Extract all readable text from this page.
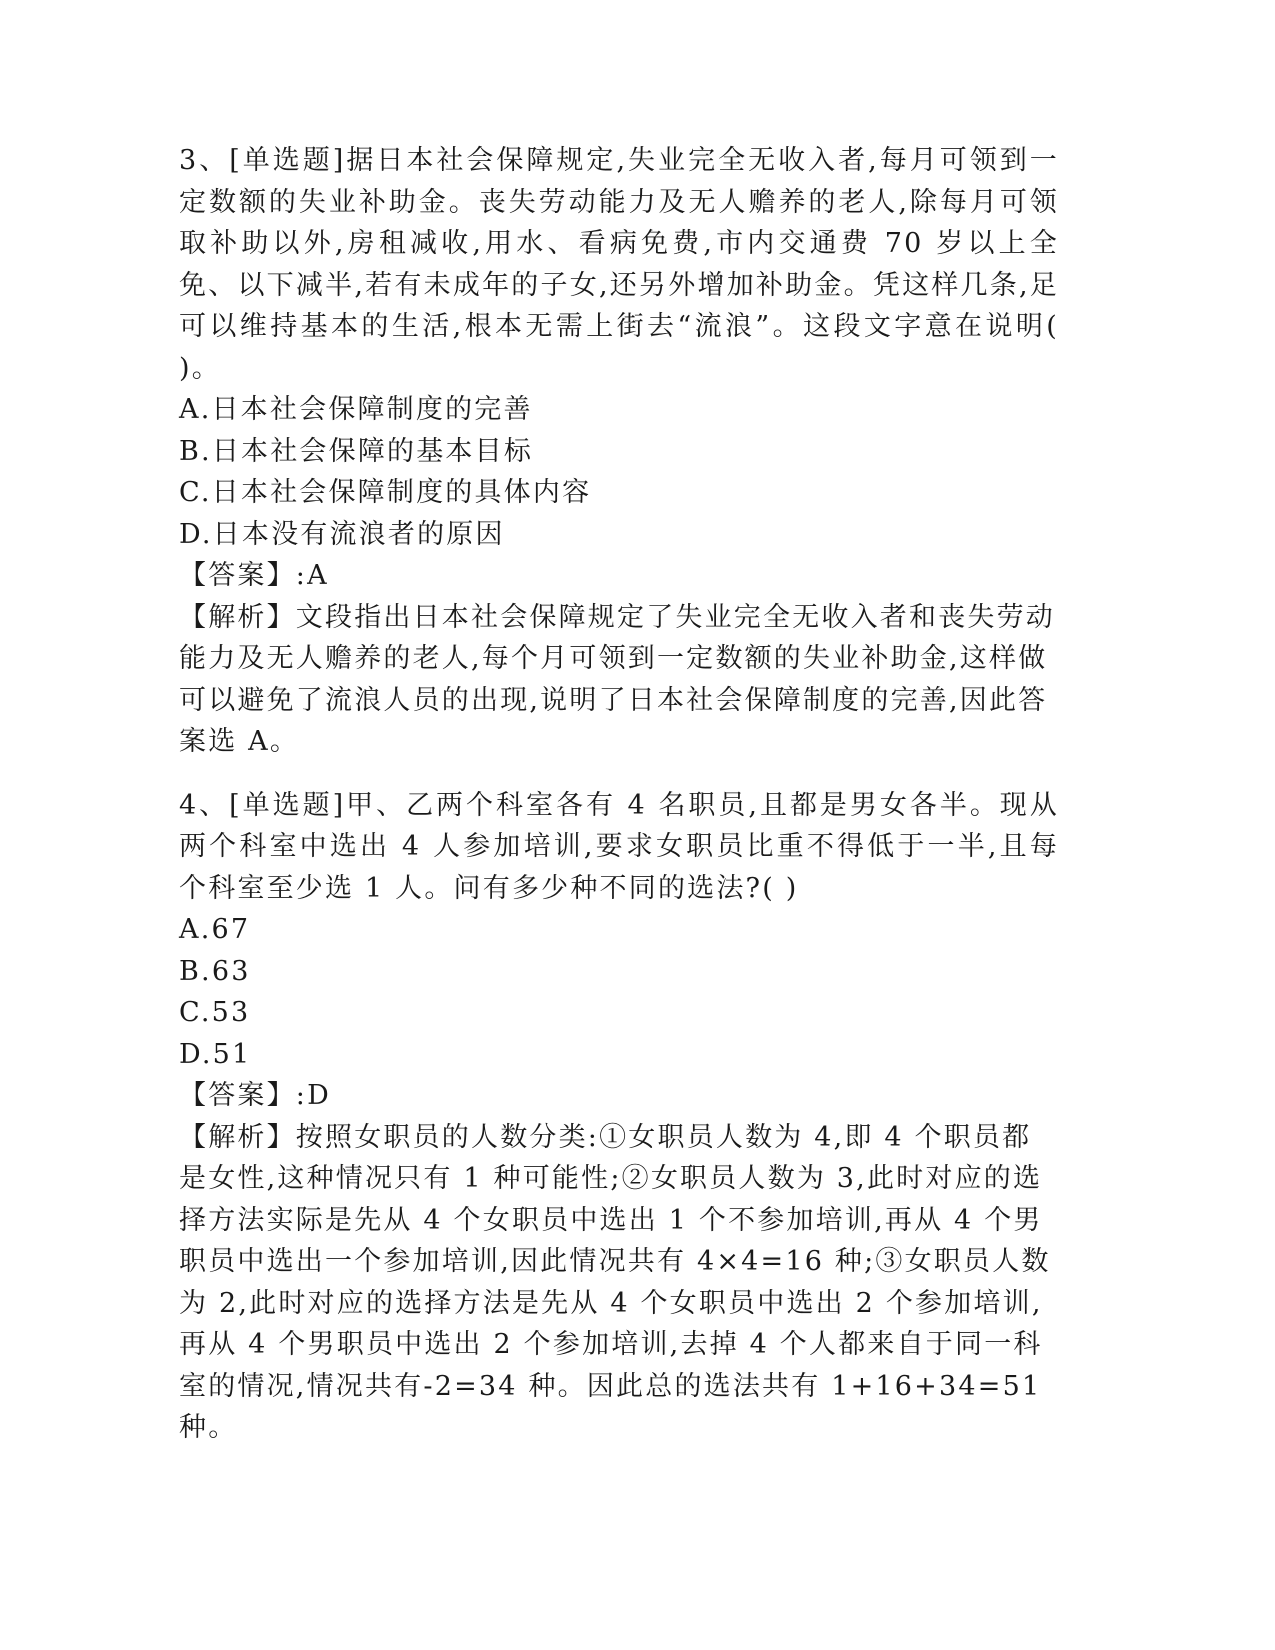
3、[单选题]据日本社会保障规定,失业完全无收入者,每月可领到一定数额的失业补助金。丧失劳动能力及无人赡养的老人,除每月可领取补助以外,房租减收,用水、看病免费,市内交通费 70 岁以上全免、以下减半,若有未成年的子女,还另外增加补助金。凭这样几条,足可以维持基本的生活,根本无需上街去“流浪”。这段文字意在说明( )。

A.日本社会保障制度的完善

B.日本社会保障的基本目标

C.日本社会保障制度的具体内容

D.日本没有流浪者的原因

【答案】:A

【解析】文段指出日本社会保障规定了失业完全无收入者和丧失劳动能力及无人赡养的老人,每个月可领到一定数额的失业补助金,这样做可以避免了流浪人员的出现,说明了日本社会保障制度的完善,因此答案选 A。

4、[单选题]甲、乙两个科室各有 4 名职员,且都是男女各半。现从两个科室中选出 4 人参加培训,要求女职员比重不得低于一半,且每个科室至少选 1 人。问有多少种不同的选法?( )

A.67

B.63

C.53

D.51

【答案】:D

【解析】按照女职员的人数分类:①女职员人数为 4,即 4 个职员都是女性,这种情况只有 1 种可能性;②女职员人数为 3,此时对应的选择方法实际是先从 4 个女职员中选出 1 个不参加培训,再从 4 个男职员中选出一个参加培训,因此情况共有 4×4=16 种;③女职员人数为 2,此时对应的选择方法是先从 4 个女职员中选出 2 个参加培训,再从 4 个男职员中选出 2 个参加培训,去掉 4 个人都来自于同一科室的情况,情况共有-2=34 种。因此总的选法共有 1+16+34=51 种。
